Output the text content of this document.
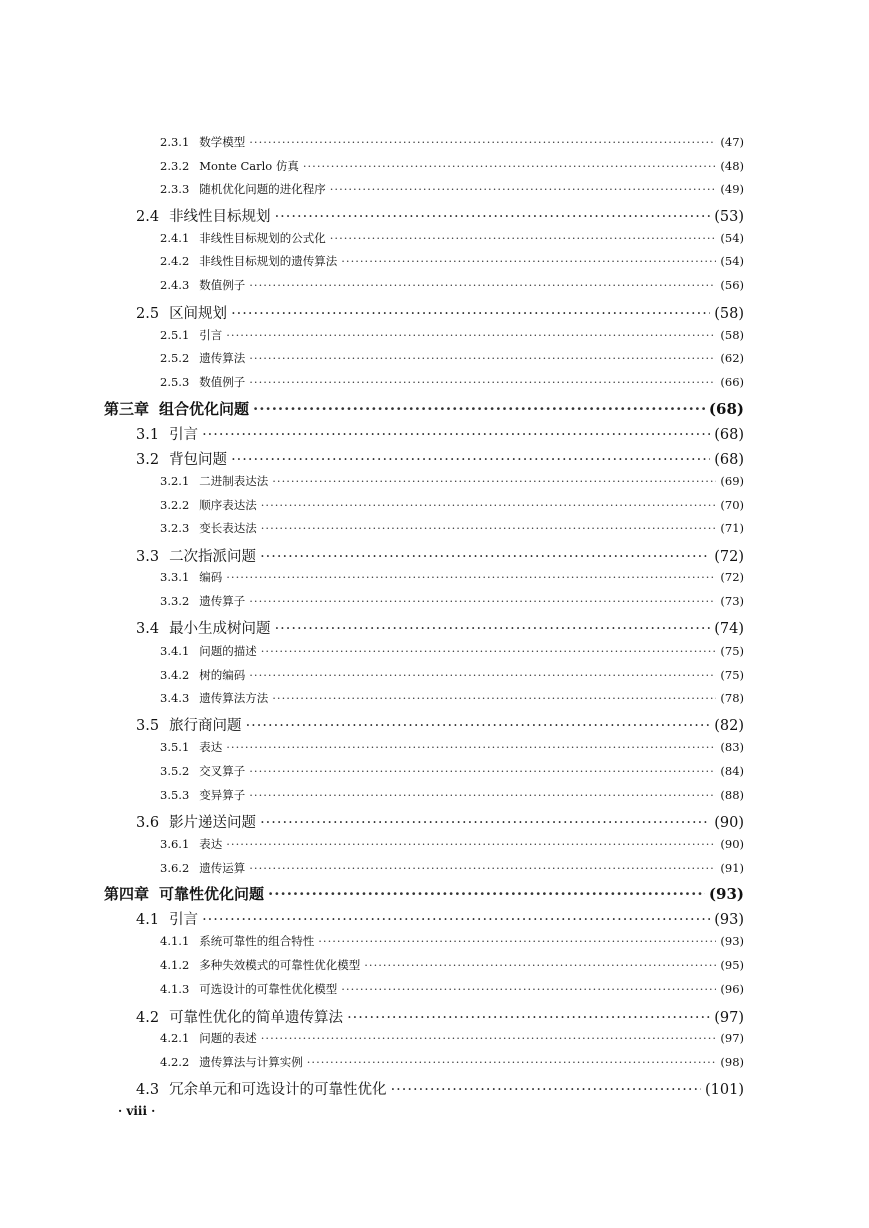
2.3.1 数学模型 ·····	(47)
2.3.2 Monte Carlo 仿真 ·····	(48)
2.3.3 随机优化问题的进化程序 ·····	(49)
2.4 非线性目标规划 ·····	(53)
2.4.1 非线性目标规划的公式化 ·····	(54)
2.4.2 非线性目标规划的遗传算法 ·····	(54)
2.4.3 数值例子 ·····	(56)
2.5 区间规划 ·····	(58)
2.5.1 引言 ·····	(58)
2.5.2 遗传算法 ·····	(62)
2.5.3 数值例子 ·····	(66)
第三章 组合优化问题 ·····	(68)
3.1 引言 ·····	(68)
3.2 背包问题 ·····	(68)
3.2.1 二进制表达法 ·····	(69)
3.2.2 顺序表达法 ·····	(70)
3.2.3 变长表达法 ·····	(71)
3.3 二次指派问题 ·····	(72)
3.3.1 编码 ·····	(72)
3.3.2 遗传算子 ·····	(73)
3.4 最小生成树问题 ·····	(74)
3.4.1 问题的描述 ·····	(75)
3.4.2 树的编码 ·····	(75)
3.4.3 遗传算法方法 ·····	(78)
3.5 旅行商问题 ·····	(82)
3.5.1 表达 ·····	(83)
3.5.2 交叉算子 ·····	(84)
3.5.3 变异算子 ·····	(88)
3.6 影片递送问题 ·····	(90)
3.6.1 表达 ·····	(90)
3.6.2 遗传运算 ·····	(91)
第四章 可靠性优化问题 ·····	(93)
4.1 引言 ·····	(93)
4.1.1 系统可靠性的组合特性 ·····	(93)
4.1.2 多种失效模式的可靠性优化模型 ·····	(95)
4.1.3 可选设计的可靠性优化模型 ·····	(96)
4.2 可靠性优化的简单遗传算法 ·····	(97)
4.2.1 问题的表述 ·····	(97)
4.2.2 遗传算法与计算实例 ·····	(98)
4.3 冗余单元和可选设计的可靠性优化 ·····	(101)
· viii ·
